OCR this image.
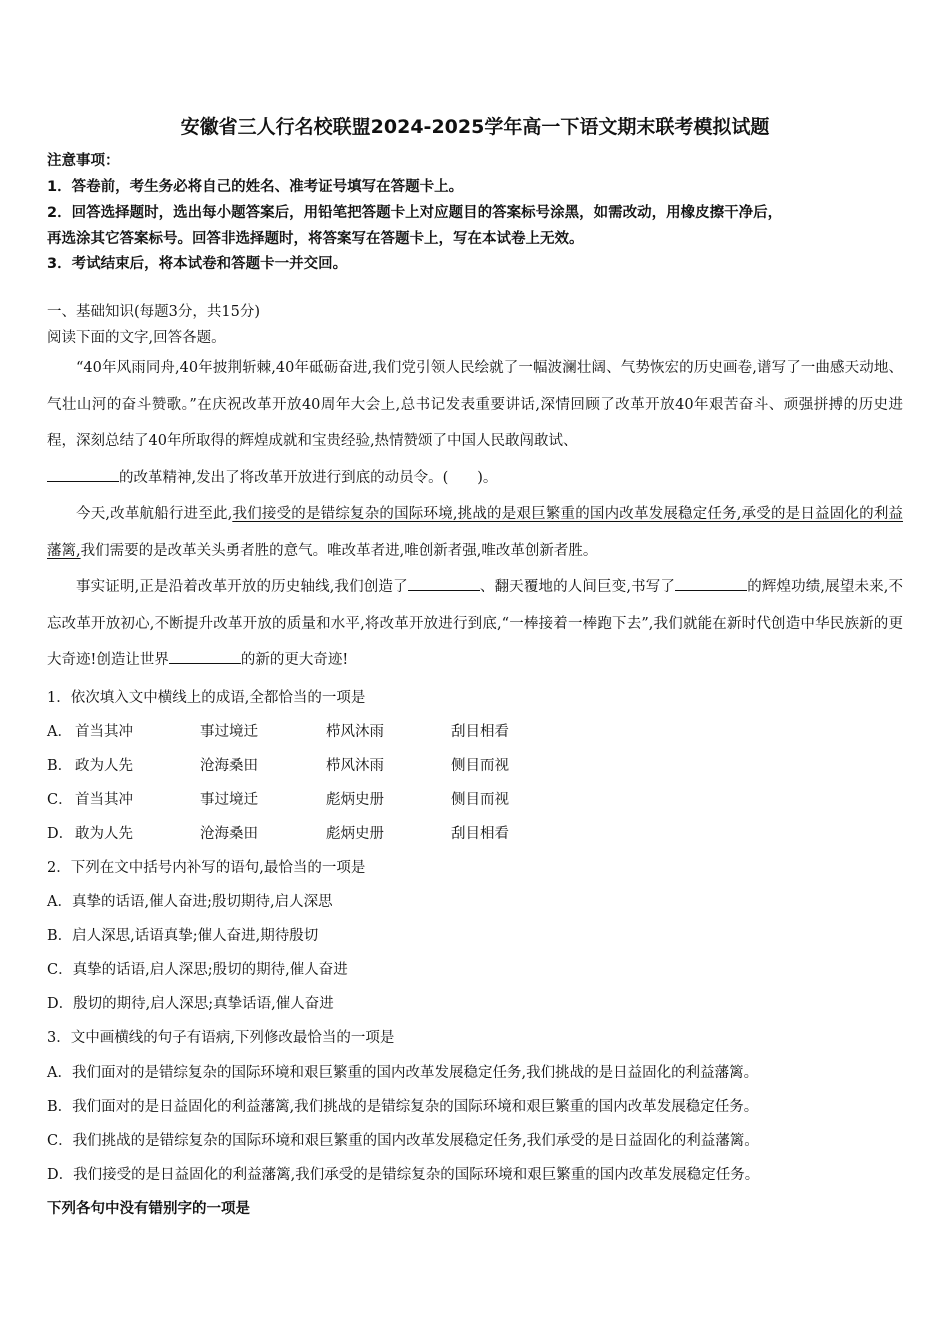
安徽省三人行名校联盟2024-2025学年高一下语文期末联考模拟试题
注意事项：
1．答卷前，考生务必将自己的姓名、准考证号填写在答题卡上。
2．回答选择题时，选出每小题答案后，用铅笔把答题卡上对应题目的答案标号涂黑，如需改动，用橡皮擦干净后，
再选涂其它答案标号。回答非选择题时，将答案写在答题卡上，写在本试卷上无效。
3．考试结束后，将本试卷和答题卡一并交回。
一、基础知识(每题3分，共15分)
阅读下面的文字,回答各题。

“40年风雨同舟,40年披荆斩棘,40年砥砺奋进,我们党引领人民绘就了一幅波澜壮阔、气势恢宏的历史画卷,谱写了一曲感天动地、气壮山河的奋斗赞歌。”在庆祝改革开放40周年大会上,总书记发表重要讲话,深情回顾了改革开放40年艰苦奋斗、顽强拼搏的历史进程，深刻总结了40年所取得的辉煌成就和宝贵经验,热情赞颂了中国人民敢闯敢试、
的改革精神,发出了将改革开放进行到底的动员令。(　　)。

今天,改革航船行进至此,我们接受的是错综复杂的国际环境,挑战的是艰巨繁重的国内改革发展稳定任务,承受的是日益固化的利益藩篱,我们需要的是改革关头勇者胜的意气。唯改革者进,唯创新者强,唯改革创新者胜。

事实证明,正是沿着改革开放的历史轴线,我们创造了	、翻天覆地的人间巨变,书写了	的辉煌功绩,展望未来,不忘改革开放初心,不断提升改革开放的质量和水平,将改革开放进行到底,“一棒接着一棒跑下去”,我们就能在新时代创造中华民族新的更大奇迹!创造让世界	的新的更大奇迹!

1．依次填入文中横线上的成语,全都恰当的一项是
A． 首当其冲	事过境迁	栉风沐雨	刮目相看
B． 政为人先	沧海桑田	栉风沐雨	侧目而视
C． 首当其冲	事过境迁	彪炳史册	侧目而视
D． 敢为人先	沧海桑田	彪炳史册	刮目相看
2．下列在文中括号内补写的语句,最恰当的一项是
A．真挚的话语,催人奋进;殷切期待,启人深思
B．启人深思,话语真挚;催人奋进,期待殷切
C．真挚的话语,启人深思;殷切的期待,催人奋进
D．殷切的期待,启人深思;真挚话语,催人奋进
3．文中画横线的句子有语病,下列修改最恰当的一项是
A．我们面对的是错综复杂的国际环境和艰巨繁重的国内改革发展稳定任务,我们挑战的是日益固化的利益藩篱。
B．我们面对的是日益固化的利益藩篱,我们挑战的是错综复杂的国际环境和艰巨繁重的国内改革发展稳定任务。
C．我们挑战的是错综复杂的国际环境和艰巨繁重的国内改革发展稳定任务,我们承受的是日益固化的利益藩篱。
D．我们接受的是日益固化的利益藩篱,我们承受的是错综复杂的国际环境和艰巨繁重的国内改革发展稳定任务。
下列各句中没有错别字的一项是
